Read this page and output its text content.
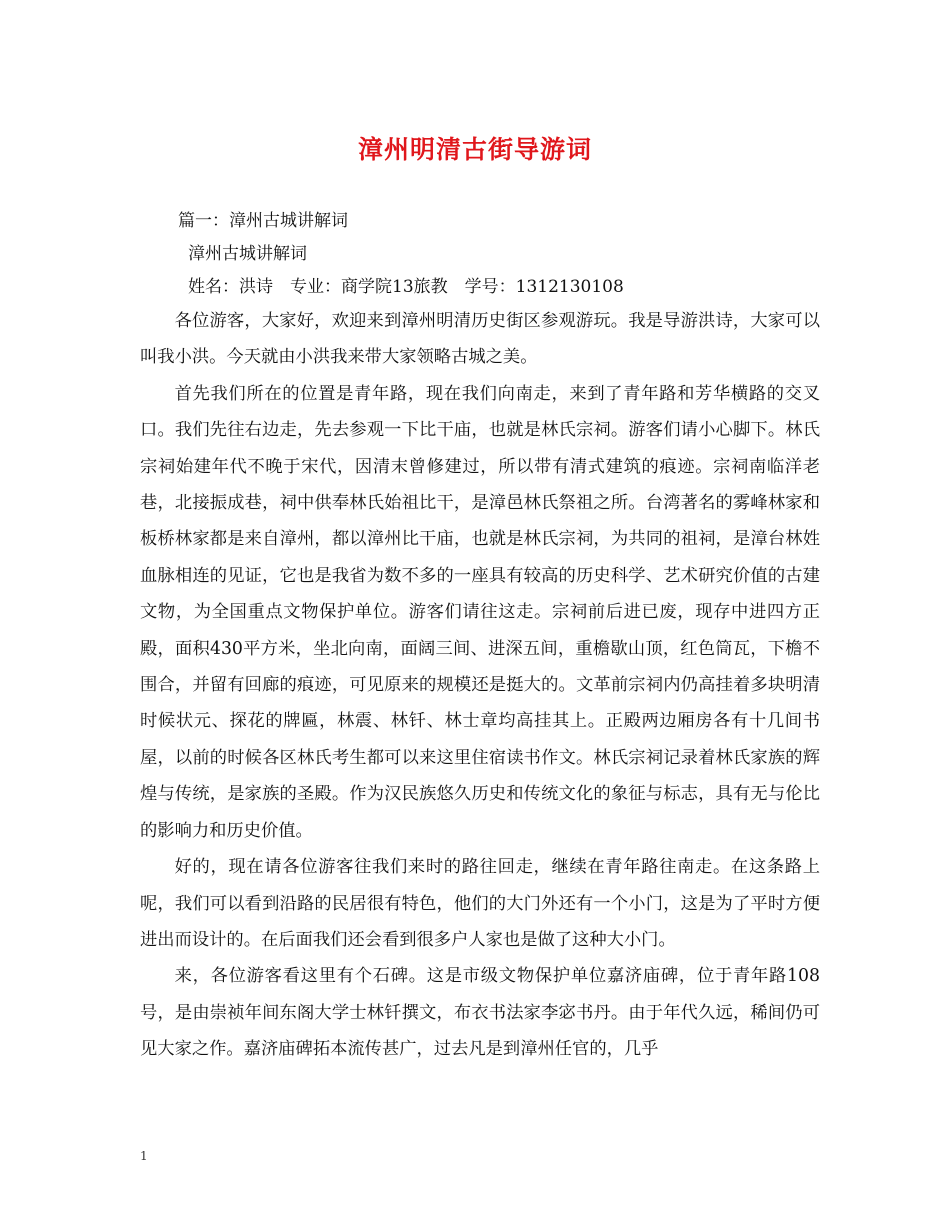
漳州明清古街导游词
篇一：漳州古城讲解词
漳州古城讲解词
姓名：洪诗　专业：商学院13旅教　学号：1312130108

各位游客，大家好，欢迎来到漳州明清历史街区参观游玩。我是导游洪诗，大家可以叫我小洪。今天就由小洪我来带大家领略古城之美。

首先我们所在的位置是青年路，现在我们向南走，来到了青年路和芳华横路的交叉口。我们先往右边走，先去参观一下比干庙，也就是林氏宗祠。游客们请小心脚下。林氏宗祠始建年代不晚于宋代，因清末曾修建过，所以带有清式建筑的痕迹。宗祠南临洋老巷，北接振成巷，祠中供奉林氏始祖比干，是漳邑林氏祭祖之所。台湾著名的雾峰林家和板桥林家都是来自漳州，都以漳州比干庙，也就是林氏宗祠，为共同的祖祠，是漳台林姓血脉相连的见证，它也是我省为数不多的一座具有较高的历史科学、艺术研究价值的古建文物，为全国重点文物保护单位。游客们请往这走。宗祠前后进已废，现存中进四方正殿，面积430平方米，坐北向南，面阔三间、进深五间，重檐歇山顶，红色筒瓦，下檐不围合，并留有回廊的痕迹，可见原来的规模还是挺大的。文革前宗祠内仍高挂着多块明清时候状元、探花的牌匾，林震、林钎、林士章均高挂其上。正殿两边厢房各有十几间书屋，以前的时候各区林氏考生都可以来这里住宿读书作文。林氏宗祠记录着林氏家族的辉煌与传统，是家族的圣殿。作为汉民族悠久历史和传统文化的象征与标志，具有无与伦比的影响力和历史价值。

好的，现在请各位游客往我们来时的路往回走，继续在青年路往南走。在这条路上呢，我们可以看到沿路的民居很有特色，他们的大门外还有一个小门，这是为了平时方便进出而设计的。在后面我们还会看到很多户人家也是做了这种大小门。

来，各位游客看这里有个石碑。这是市级文物保护单位嘉济庙碑，位于青年路108号，是由崇祯年间东阁大学士林钎撰文，布衣书法家李宓书丹。由于年代久远，稀间仍可见大家之作。嘉济庙碑拓本流传甚广，过去凡是到漳州任官的，几乎

1
